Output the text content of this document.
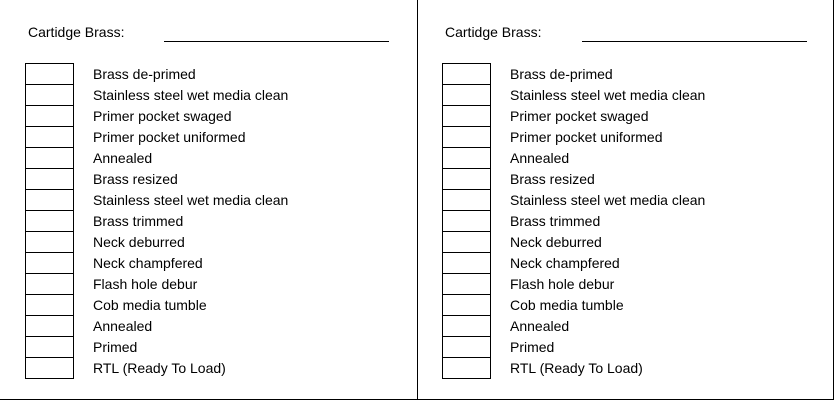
Cartidge Brass:
Brass de-primed
Stainless steel wet media clean
Primer pocket swaged
Primer pocket uniformed
Annealed
Brass resized
Stainless steel wet media clean
Brass trimmed
Neck deburred
Neck champfered
Flash hole debur
Cob media tumble
Annealed
Primed
RTL (Ready To Load)
Cartidge Brass:
Brass de-primed
Stainless steel wet media clean
Primer pocket swaged
Primer pocket uniformed
Annealed
Brass resized
Stainless steel wet media clean
Brass trimmed
Neck deburred
Neck champfered
Flash hole debur
Cob media tumble
Annealed
Primed
RTL (Ready To Load)
